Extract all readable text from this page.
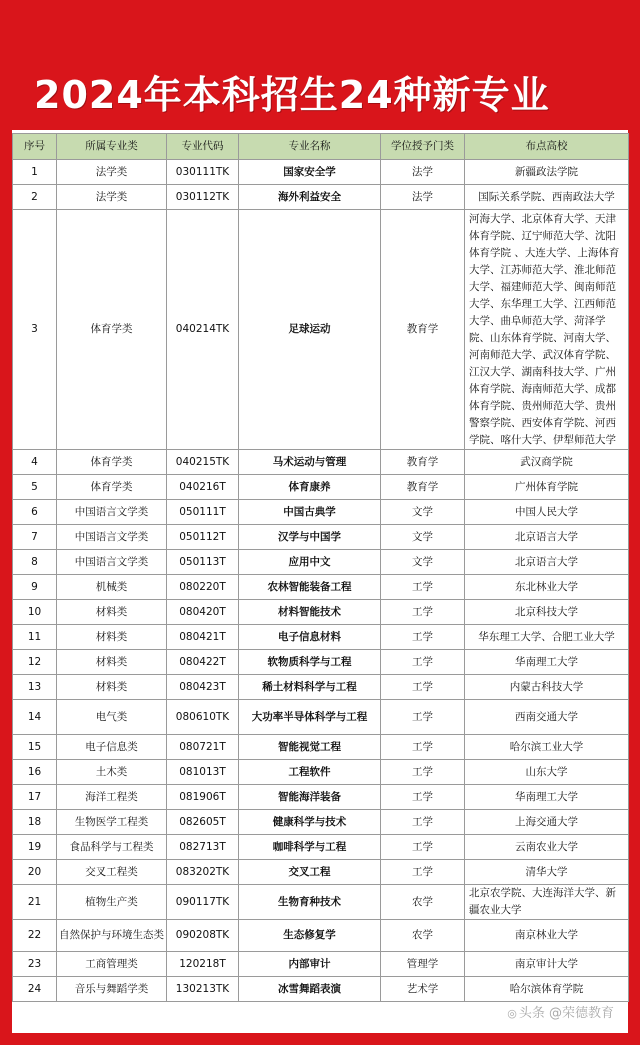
2024年本科招生24种新专业
序号	所属专业类	专业代码	专业名称	学位授予门类	布点高校
1	法学类	030111TK	国家安全学	法学	新疆政法学院
2	法学类	030112TK	海外利益安全	法学	国际关系学院、西南政法大学
3	体育学类	040214TK	足球运动	教育学	河海大学、北京体育大学、天津体育学院、辽宁师范大学、沈阳体育学院 、大连大学、上海体育大学、江苏师范大学、淮北师范大学、福建师范大学、闽南师范大学、东华理工大学、江西师范大学、曲阜师范大学、菏泽学院、山东体育学院、河南大学、河南师范大学、武汉体育学院、江汉大学、湖南科技大学、广州体育学院、海南师范大学、成都体育学院、贵州师范大学、贵州警察学院、西安体育学院、河西学院、喀什大学、伊犁师范大学
4	体育学类	040215TK	马术运动与管理	教育学	武汉商学院
5	体育学类	040216T	体育康养	教育学	广州体育学院
6	中国语言文学类	050111T	中国古典学	文学	中国人民大学
7	中国语言文学类	050112T	汉学与中国学	文学	北京语言大学
8	中国语言文学类	050113T	应用中文	文学	北京语言大学
9	机械类	080220T	农林智能装备工程	工学	东北林业大学
10	材料类	080420T	材料智能技术	工学	北京科技大学
11	材料类	080421T	电子信息材料	工学	华东理工大学、合肥工业大学
12	材料类	080422T	软物质科学与工程	工学	华南理工大学
13	材料类	080423T	稀土材料科学与工程	工学	内蒙古科技大学
14	电气类	080610TK	大功率半导体科学与工程	工学	西南交通大学
15	电子信息类	080721T	智能视觉工程	工学	哈尔滨工业大学
16	土木类	081013T	工程软件	工学	山东大学
17	海洋工程类	081906T	智能海洋装备	工学	华南理工大学
18	生物医学工程类	082605T	健康科学与技术	工学	上海交通大学
19	食品科学与工程类	082713T	咖啡科学与工程	工学	云南农业大学
20	交叉工程类	083202TK	交叉工程	工学	清华大学
21	植物生产类	090117TK	生物育种技术	农学	北京农学院、大连海洋大学、新疆农业大学
22	自然保护与环境生态类	090208TK	生态修复学	农学	南京林业大学
23	工商管理类	120218T	内部审计	管理学	南京审计大学
24	音乐与舞蹈学类	130213TK	冰雪舞蹈表演	艺术学	哈尔滨体育学院
◎ 头条 @荣德教育
